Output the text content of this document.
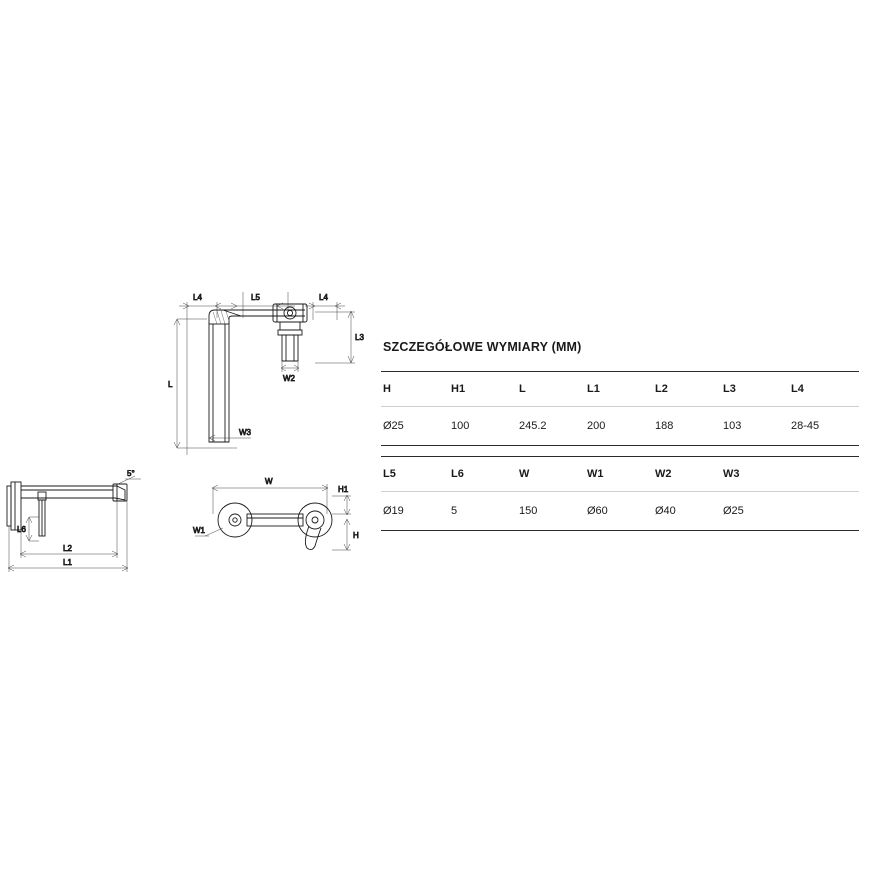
L4	L5	L4
L
L3
W2
W3
5°
L6
L2
L1
W
W1
H1
H
SZCZEGÓŁOWE WYMIARY (MM)
H	H1	L	L1	L2	L3	L4
Ø25	100	245.2	200	188	103	28-45

L5	L6	W	W1	W2	W3	
Ø19	5	150	Ø60	Ø40	Ø25	
